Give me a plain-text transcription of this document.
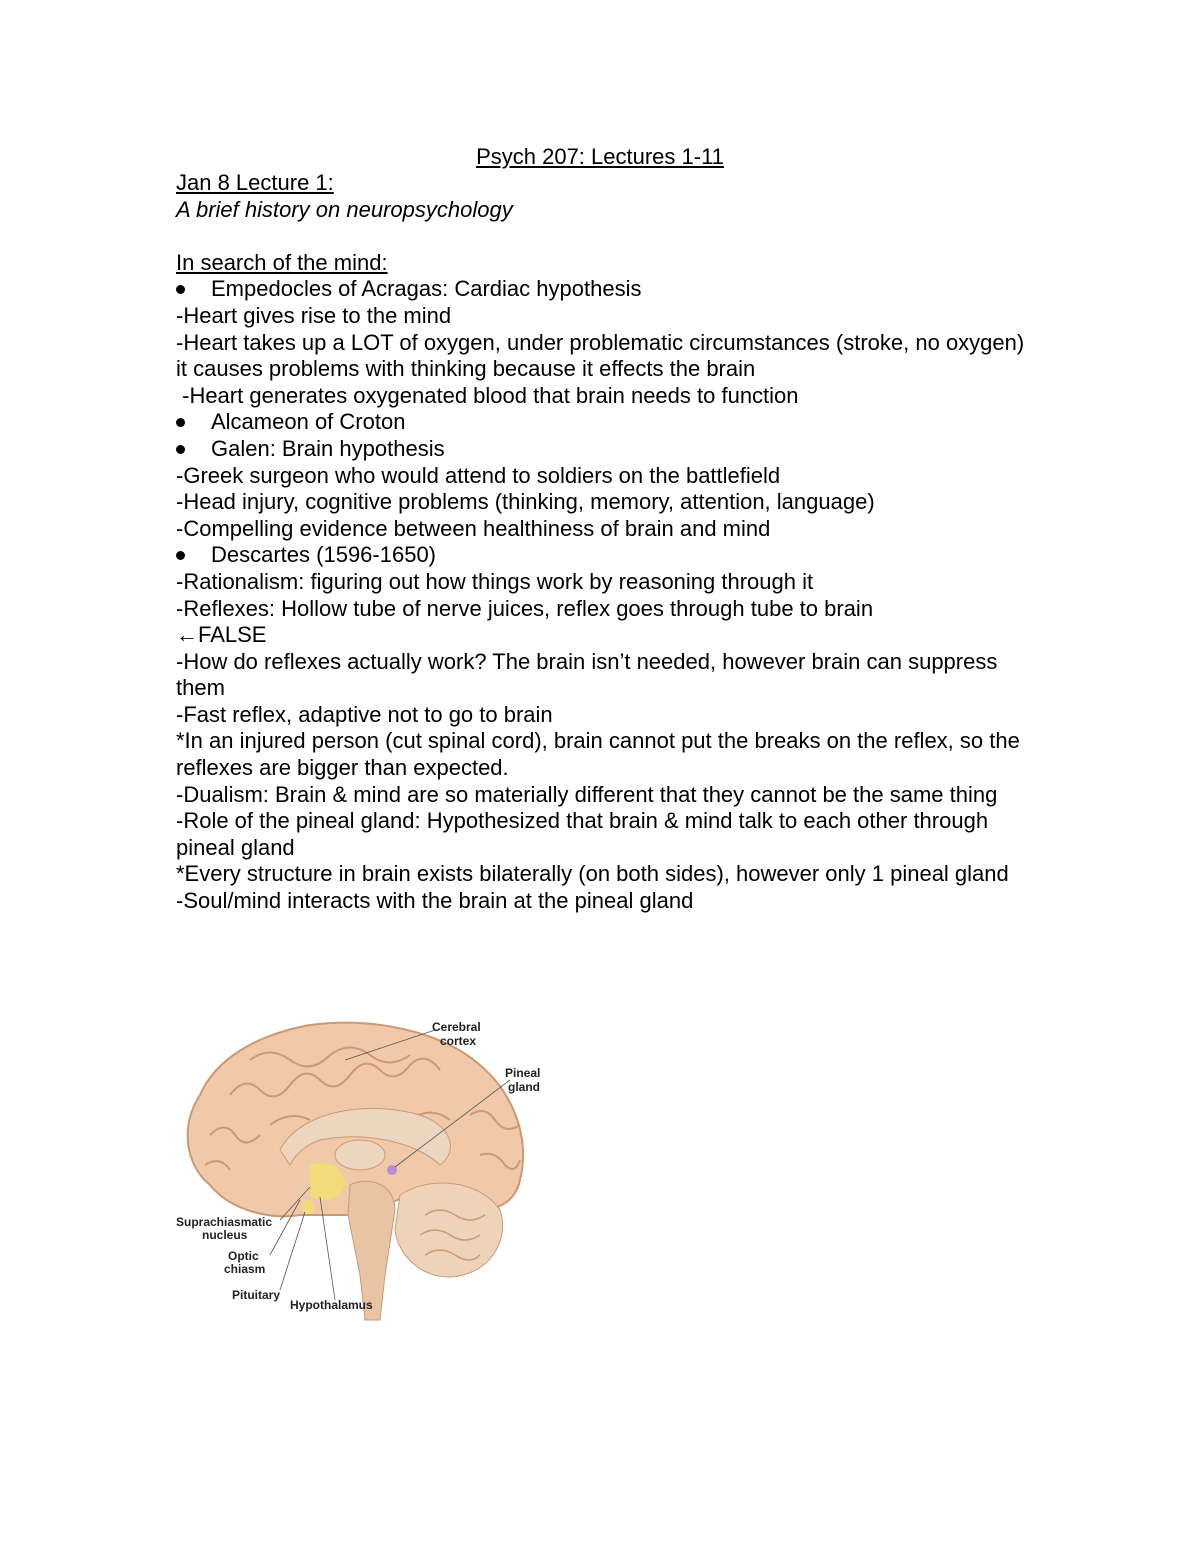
Psych 207: Lectures 1-11

Jan 8 Lecture 1:

A brief history on neuropsychology

In search of the mind:

Empedocles of Acragas: Cardiac hypothesis

-Heart gives rise to the mind

-Heart takes up a LOT of oxygen, under problematic circumstances (stroke, no oxygen) it causes problems with thinking because it effects the brain

-Heart generates oxygenated blood that brain needs to function

Alcameon of Croton

Galen: Brain hypothesis

-Greek surgeon who would attend to soldiers on the battlefield

-Head injury, cognitive problems (thinking, memory, attention, language)

-Compelling evidence between healthiness of brain and mind

Descartes (1596-1650)

-Rationalism: figuring out how things work by reasoning through it

-Reflexes: Hollow tube of nerve juices, reflex goes through tube to brain

←FALSE

-How do reflexes actually work? The brain isn’t needed, however brain can suppress them

-Fast reflex, adaptive not to go to brain

*In an injured person (cut spinal cord), brain cannot put the breaks on the reflex, so the reflexes are bigger than expected.

-Dualism: Brain & mind are so materially different that they cannot be the same thing

-Role of the pineal gland: Hypothesized that brain & mind talk to each other through pineal gland

*Every structure in brain exists bilaterally (on both sides), however only 1 pineal gland

-Soul/mind interacts with the brain at the pineal gland

Cerebral
cortex
Pineal
gland
Suprachiasmatic
nucleus
Optic
chiasm
Pituitary
Hypothalamus
